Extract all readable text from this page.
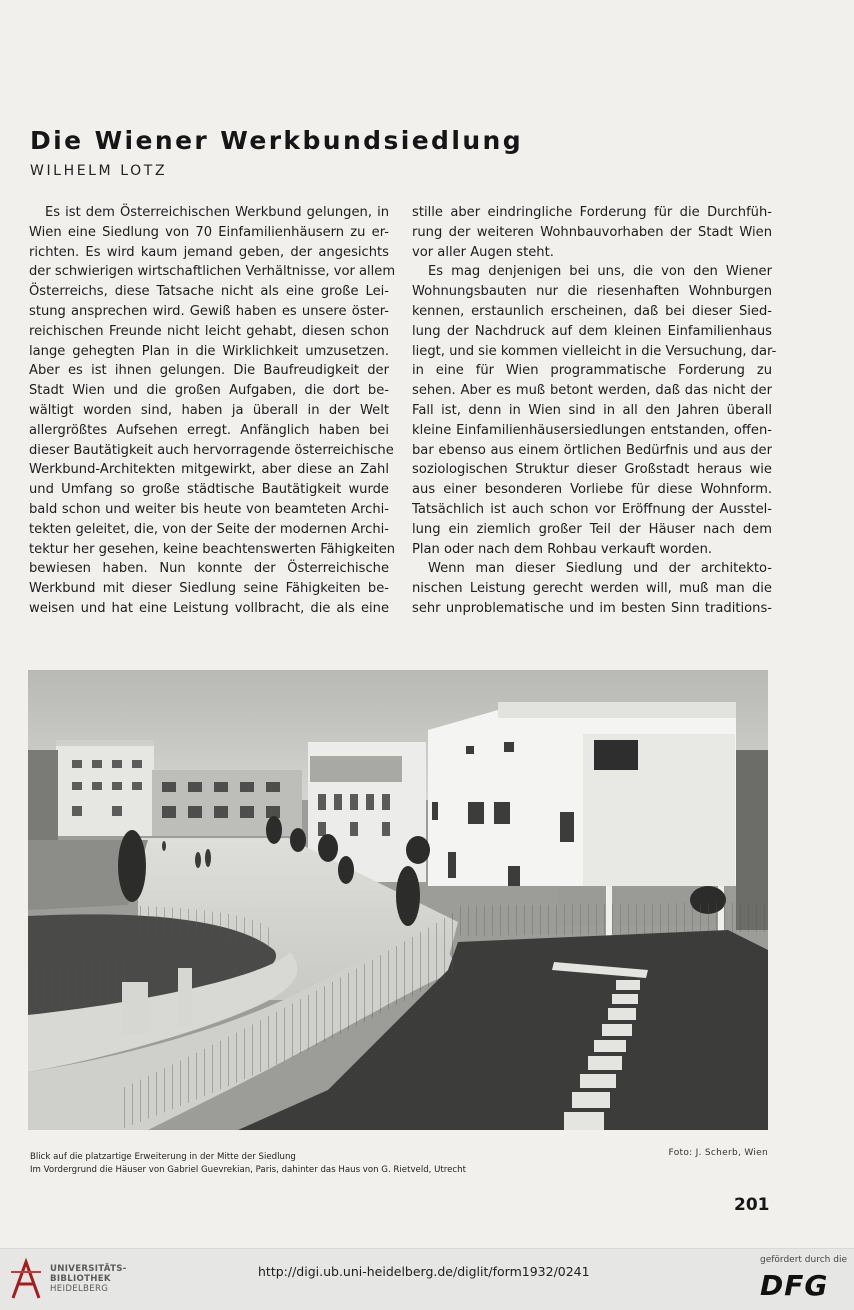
Die Wiener Werkbundsiedlung
WILHELM LOTZ

Es ist dem Österreichischen Werkbund gelungen, in

Wien eine Siedlung von 70 Einfamilienhäusern zu er-

richten. Es wird kaum jemand geben, der angesichts

der schwierigen wirtschaftlichen Verhältnisse, vor allem

Österreichs, diese Tatsache nicht als eine große Lei-

stung ansprechen wird. Gewiß haben es unsere öster-

reichischen Freunde nicht leicht gehabt, diesen schon

lange gehegten Plan in die Wirklichkeit umzusetzen.

Aber es ist ihnen gelungen. Die Baufreudigkeit der

Stadt Wien und die großen Aufgaben, die dort be-

wältigt worden sind, haben ja überall in der Welt

allergrößtes Aufsehen erregt. Anfänglich haben bei

dieser Bautätigkeit auch hervorragende österreichische

Werkbund-Architekten mitgewirkt, aber diese an Zahl

und Umfang so große städtische Bautätigkeit wurde

bald schon und weiter bis heute von beamteten Archi-

tekten geleitet, die, von der Seite der modernen Archi-

tektur her gesehen, keine beachtenswerten Fähigkeiten

bewiesen haben. Nun konnte der Österreichische

Werkbund mit dieser Siedlung seine Fähigkeiten be-

weisen und hat eine Leistung vollbracht, die als eine

stille aber eindringliche Forderung für die Durchfüh-

rung der weiteren Wohnbauvorhaben der Stadt Wien

vor aller Augen steht.

Es mag denjenigen bei uns, die von den Wiener

Wohnungsbauten nur die riesenhaften Wohnburgen

kennen, erstaunlich erscheinen, daß bei dieser Sied-

lung der Nachdruck auf dem kleinen Einfamilienhaus

liegt, und sie kommen vielleicht in die Versuchung, dar-

in eine für Wien programmatische Forderung zu

sehen. Aber es muß betont werden, daß das nicht der

Fall ist, denn in Wien sind in all den Jahren überall

kleine Einfamilienhäusersiedlungen entstanden, offen-

bar ebenso aus einem örtlichen Bedürfnis und aus der

soziologischen Struktur dieser Großstadt heraus wie

aus einer besonderen Vorliebe für diese Wohnform.

Tatsächlich ist auch schon vor Eröffnung der Ausstel-

lung ein ziemlich großer Teil der Häuser nach dem

Plan oder nach dem Rohbau verkauft worden.

Wenn man dieser Siedlung und der architekto-

nischen Leistung gerecht werden will, muß man die

sehr unproblematische und im besten Sinn traditions-

Blick auf die platzartige Erweiterung in der Mitte der Siedlung
Im Vordergrund die Häuser von Gabriel Guevrekian, Paris, dahinter das Haus von G. Rietveld, Utrecht
Foto: J. Scherb, Wien
201
UNIVERSITÄTS-
BIBLIOTHEK
HEIDELBERG
http://digi.ub.uni-heidelberg.de/diglit/form1932/0241
gefördert durch die
DFG
